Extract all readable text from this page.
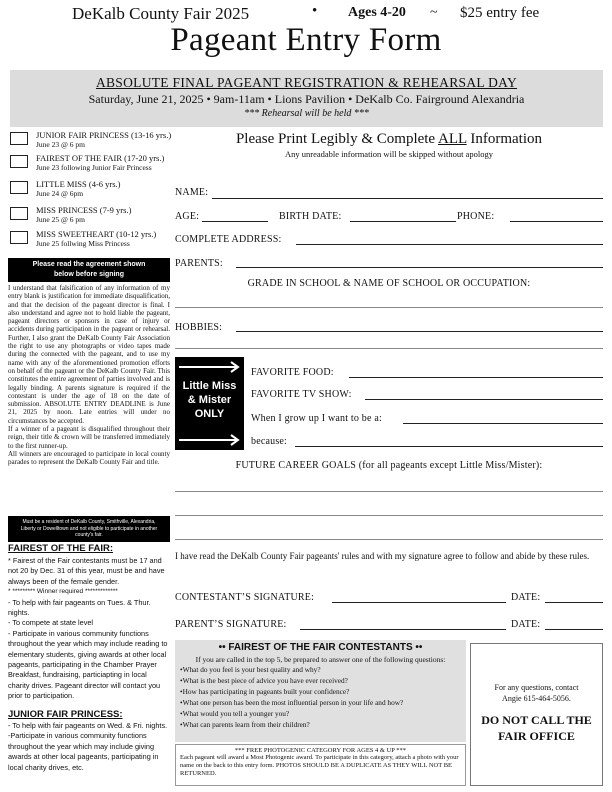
DeKalb County Fair 2025	• Ages 4-20 ~ $25 entry fee
Pageant Entry Form
ABSOLUTE FINAL PAGEANT REGISTRATION & REHEARSAL DAY
Saturday, June 21, 2025 • 9am-11am • Lions Pavilion • DeKalb Co. Fairground Alexandria
*** Rehearsal will be held ***
JUNIOR FAIR PRINCESS (13-16 yrs.)
June 23 @ 6 pm
FAIREST OF THE FAIR (17-20 yrs.)
June 23 following Junior Fair Princess
LITTLE MISS (4-6 yrs.)
June 24 @ 6pm
MISS PRINCESS (7-9 yrs.)
June 25 @ 6 pm
MISS SWEETHEART (10-12 yrs.)
June 25 follwing Miss Princess
Please read the agreement shown below before signing
I understand that falsification of any information of my entry blank is justification for immediate disqualification, and that the decision of the pageant director is final. I also understand and agree not to hold liable the pageant, pageant directors or sponsors in case of injury or accidents during participation in the pageant or rehearsal. Further, I also grant the DeKalb County Fair Association the right to use any photographs or video tapes made during the connected with the pageant, and to use my name with any of the aforementioned promotion efforts on behalf of the pageant or the DeKalb County Fair. This constitutes the entire agreement of parties involved and is legally binding. A parents signature is required if the contestant is under the age of 18 on the date of submission. ABSOLUTE ENTRY DEADLINE is June 21, 2025 by noon. Late entries will under no circumstances be accepted.
If a winner of a pageant is disqualified throughout their reign, their title & crown will be transferred immediately to the first runner-up.
All winners are encouraged to participate in local county parades to represent the DeKalb County Fair and title.
Must be a resident of DeKalb County, Smithville, Alexandria, Liberty or Dowelltown and not eligible to participate in another county's fair.
FAIREST OF THE FAIR:
* Fairest of the Fair contestants must be 17 and not 20 by Dec. 31 of this year, must be and have always been of the female gender.
* ********* Winner required *************
- To help with fair pageants on Tues. & Thur. nights.
- To compete at state level
- Participate in various community functions throughout the year which may include reading to elementary students, giving awards at other local pageants, participating in the Chamber Prayer Breakfast, fundraising, particiapting in local charity drives. Pageant director will contact you prior to participation.
JUNIOR FAIR PRINCESS:
- To help with fair pageants on Wed. & Fri. nights.
-Participate in various community functions throughout the year which may include giving awards at other local pageants, participating in local charity drives, etc.
Please Print Legibly & Complete ALL Information
Any unreadable information will be skipped without apology
NAME:
AGE:	BIRTH DATE:	PHONE:
COMPLETE ADDRESS:
PARENTS:
GRADE IN SCHOOL & NAME OF SCHOOL OR OCCUPATION:
HOBBIES:
Little Miss & Mister ONLY
FAVORITE FOOD:
FAVORITE TV SHOW:
When I grow up I want to be a:
because:
FUTURE CAREER GOALS (for all pageants except Little Miss/Mister):
I have read the DeKalb County Fair pageants' rules and with my signature agree to follow and abide by these rules.
CONTESTANT’S SIGNATURE:	DATE:
PARENT’S SIGNATURE:	DATE:
•• FAIREST OF THE FAIR CONTESTANTS ••
If you are called in the top 5, be prepared to answer one of the following questions:
• What do you feel is your best quality and why?
• What is the best piece of advice you have ever received?
• How has participating in pageants built your confidence?
• What one person has been the most influential person in your life and how?
• What would you tell a younger you?
• What can parents learn from their children?
*** FREE PHOTOGENIC CATEGORY FOR AGES 4 & UP ***
Each pageant will award a Most Photogenic award. To participate in this category, attach a photo with your name on the back to this entry form. PHOTOS SHOULD BE A DUPLICATE AS THEY WILL NOT BE RETURNED.
For any questions, contact Angie 615-464-5056.
DO NOT CALL THE FAIR OFFICE
